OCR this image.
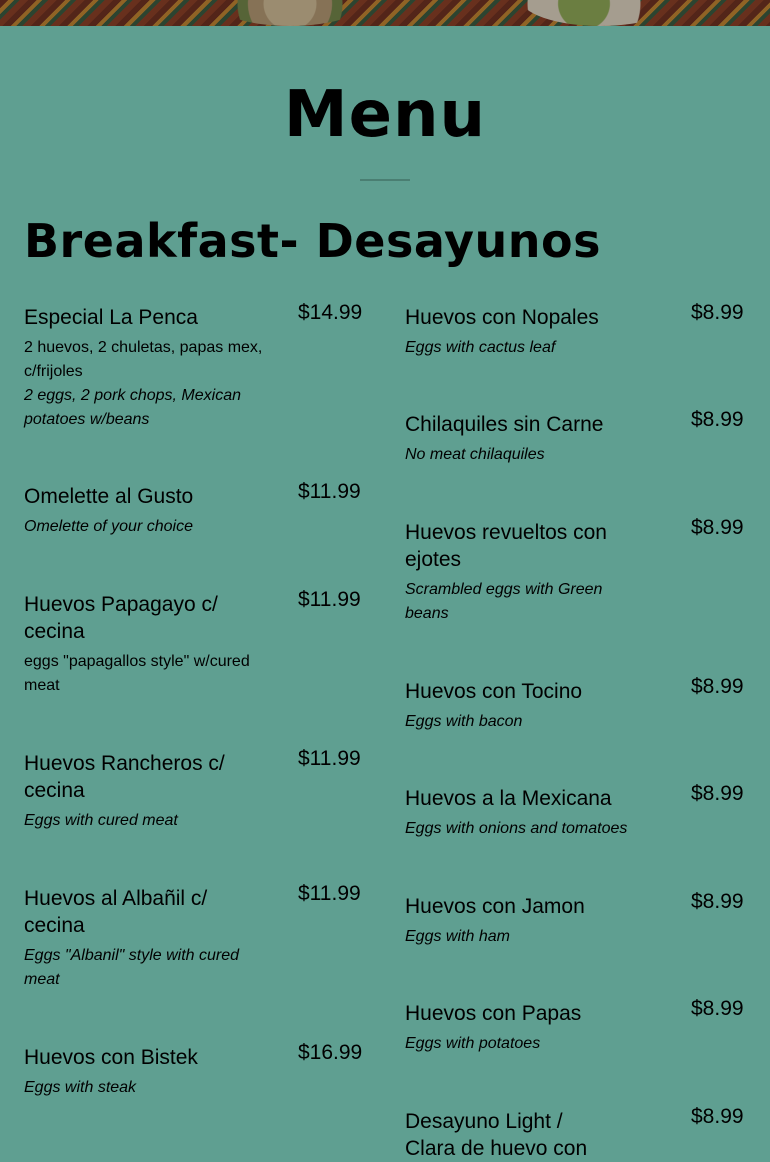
Menu
Breakfast- Desayunos
Especial La Penca	$14.99
2 huevos, 2 chuletas, papas mex, c/frijoles
2 eggs, 2 pork chops, Mexican potatoes w/beans
Omelette al Gusto	$11.99
Omelette of your choice
Huevos Papagayo c/ cecina
$11.99
eggs "papagallos style" w/cured meat
Huevos Rancheros c/ cecina
$11.99
Eggs with cured meat
Huevos al Albañil c/ cecina
$11.99
Eggs "Albanil" style with cured meat
Huevos con Bistek	$16.99
Eggs with steak
Huevos con Nopales	$8.99
Eggs with cactus leaf
Chilaquiles sin Carne	$8.99
No meat chilaquiles
Huevos revueltos con ejotes
$8.99
Scrambled eggs with Green beans
Huevos con Tocino	$8.99
Eggs with bacon
Huevos a la Mexicana	$8.99
Eggs with onions and tomatoes
Huevos con Jamon	$8.99
Eggs with ham
Huevos con Papas	$8.99
Eggs with potatoes
Desayuno Light / Clara de huevo con
$8.99
